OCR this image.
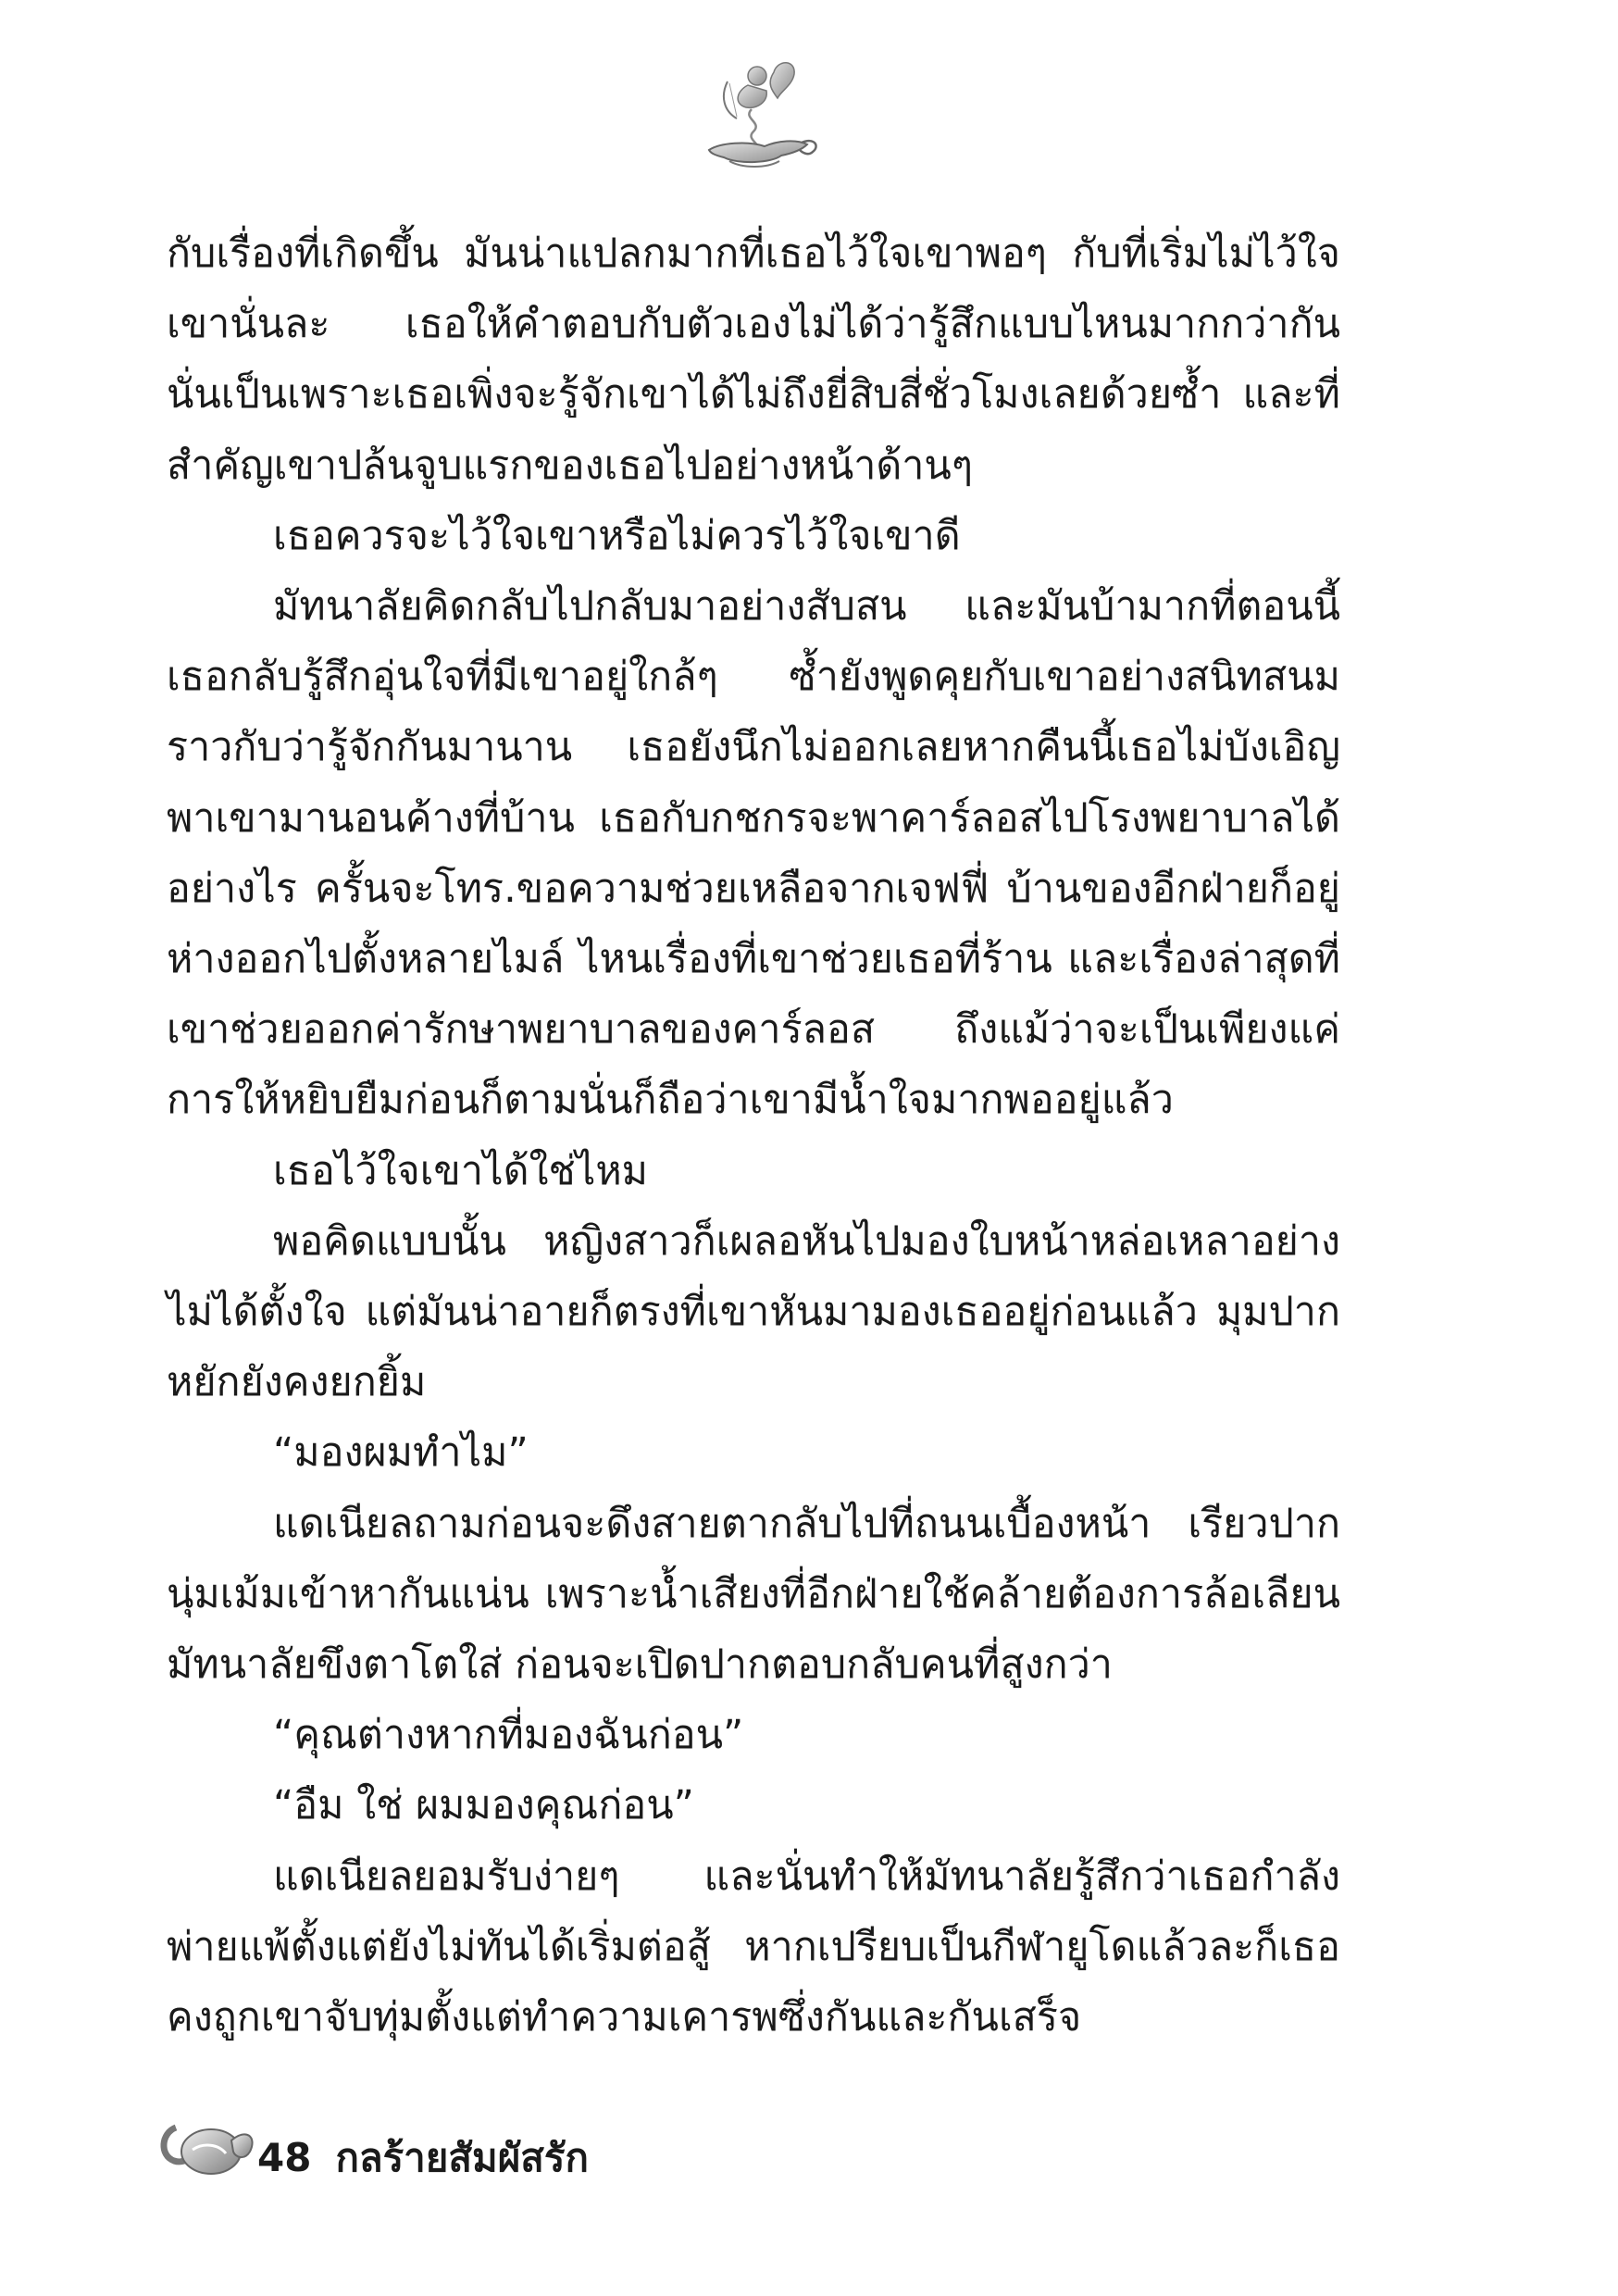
กับเรื่องที่เกิดขึ้น มันน่าแปลกมากที่เธอไว้ใจเขาพอๆ กับที่เริ่มไม่ไว้ใจเขานั่นละ เธอให้คำตอบกับตัวเองไม่ได้ว่ารู้สึกแบบไหนมากกว่ากัน นั่นเป็นเพราะเธอเพิ่งจะรู้จักเขาได้ไม่ถึงยี่สิบสี่ชั่วโมงเลยด้วยซ้ำ และที่สำคัญเขาปล้นจูบแรกของเธอไปอย่างหน้าด้านๆ

เธอควรจะไว้ใจเขาหรือไม่ควรไว้ใจเขาดี

มัทนาลัยคิดกลับไปกลับมาอย่างสับสน และมันบ้ามากที่ตอนนี้เธอกลับรู้สึกอุ่นใจที่มีเขาอยู่ใกล้ๆ ซ้ำยังพูดคุยกับเขาอย่างสนิทสนมราวกับว่ารู้จักกันมานาน เธอยังนึกไม่ออกเลยหากคืนนี้เธอไม่บังเอิญพาเขามานอนค้างที่บ้าน เธอกับกชกรจะพาคาร์ลอสไปโรงพยาบาลได้อย่างไร ครั้นจะโทร.ขอความช่วยเหลือจากเจฟฟี่ บ้านของอีกฝ่ายก็อยู่ห่างออกไปตั้งหลายไมล์ ไหนเรื่องที่เขาช่วยเธอที่ร้าน และเรื่องล่าสุดที่เขาช่วยออกค่ารักษาพยาบาลของคาร์ลอส ถึงแม้ว่าจะเป็นเพียงแค่การให้หยิบยืมก่อนก็ตามนั่นก็ถือว่าเขามีน้ำใจมากพออยู่แล้ว

เธอไว้ใจเขาได้ใช่ไหม

พอคิดแบบนั้น หญิงสาวก็เผลอหันไปมองใบหน้าหล่อเหลาอย่างไม่ได้ตั้งใจ แต่มันน่าอายก็ตรงที่เขาหันมามองเธออยู่ก่อนแล้ว มุมปากหยักยังคงยกยิ้ม

“มองผมทำไม”

แดเนียลถามก่อนจะดึงสายตากลับไปที่ถนนเบื้องหน้า เรียวปากนุ่มเม้มเข้าหากันแน่น เพราะน้ำเสียงที่อีกฝ่ายใช้คล้ายต้องการล้อเลียน มัทนาลัยขึงตาโตใส่ ก่อนจะเปิดปากตอบกลับคนที่สูงกว่า

“คุณต่างหากที่มองฉันก่อน”

“อืม ใช่ ผมมองคุณก่อน”

แดเนียลยอมรับง่ายๆ และนั่นทำให้มัทนาลัยรู้สึกว่าเธอกำลังพ่ายแพ้ตั้งแต่ยังไม่ทันได้เริ่มต่อสู้ หากเปรียบเป็นกีฬายูโดแล้วละก็เธอคงถูกเขาจับทุ่มตั้งแต่ทำความเคารพซึ่งกันและกันเสร็จ

48 กลร้ายสัมผัสรัก
